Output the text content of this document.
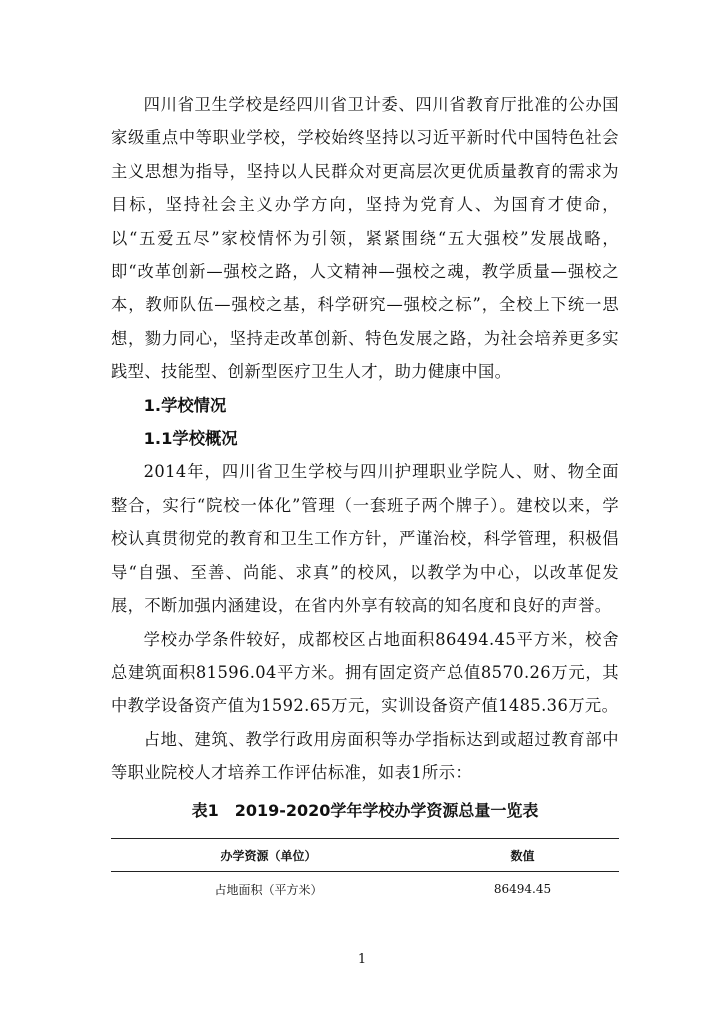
四川省卫生学校是经四川省卫计委、四川省教育厅批准的公办国家级重点中等职业学校，学校始终坚持以习近平新时代中国特色社会主义思想为指导，坚持以人民群众对更高层次更优质量教育的需求为目标，坚持社会主义办学方向，坚持为党育人、为国育才使命，以“五爱五尽”家校情怀为引领，紧紧围绕“五大强校”发展战略，即“改革创新—强校之路，人文精神—强校之魂，教学质量—强校之本，教师队伍—强校之基，科学研究—强校之标”，全校上下统一思想，勠力同心，坚持走改革创新、特色发展之路，为社会培养更多实践型、技能型、创新型医疗卫生人才，助力健康中国。

1.学校情况

1.1学校概况

2014年，四川省卫生学校与四川护理职业学院人、财、物全面整合，实行“院校一体化”管理（一套班子两个牌子）。建校以来，学校认真贯彻党的教育和卫生工作方针，严谨治校，科学管理，积极倡导“自强、至善、尚能、求真”的校风，以教学为中心，以改革促发展，不断加强内涵建设，在省内外享有较高的知名度和良好的声誉。

学校办学条件较好，成都校区占地面积86494.45平方米，校舍总建筑面积81596.04平方米。拥有固定资产总值8570.26万元，其中教学设备资产值为1592.65万元，实训设备资产值1485.36万元。

占地、建筑、教学行政用房面积等办学指标达到或超过教育部中等职业院校人才培养工作评估标准，如表1所示：

表1　2019-2020学年学校办学资源总量一览表

办学资源（单位）	数值
占地面积（平方米）	86494.45
1
